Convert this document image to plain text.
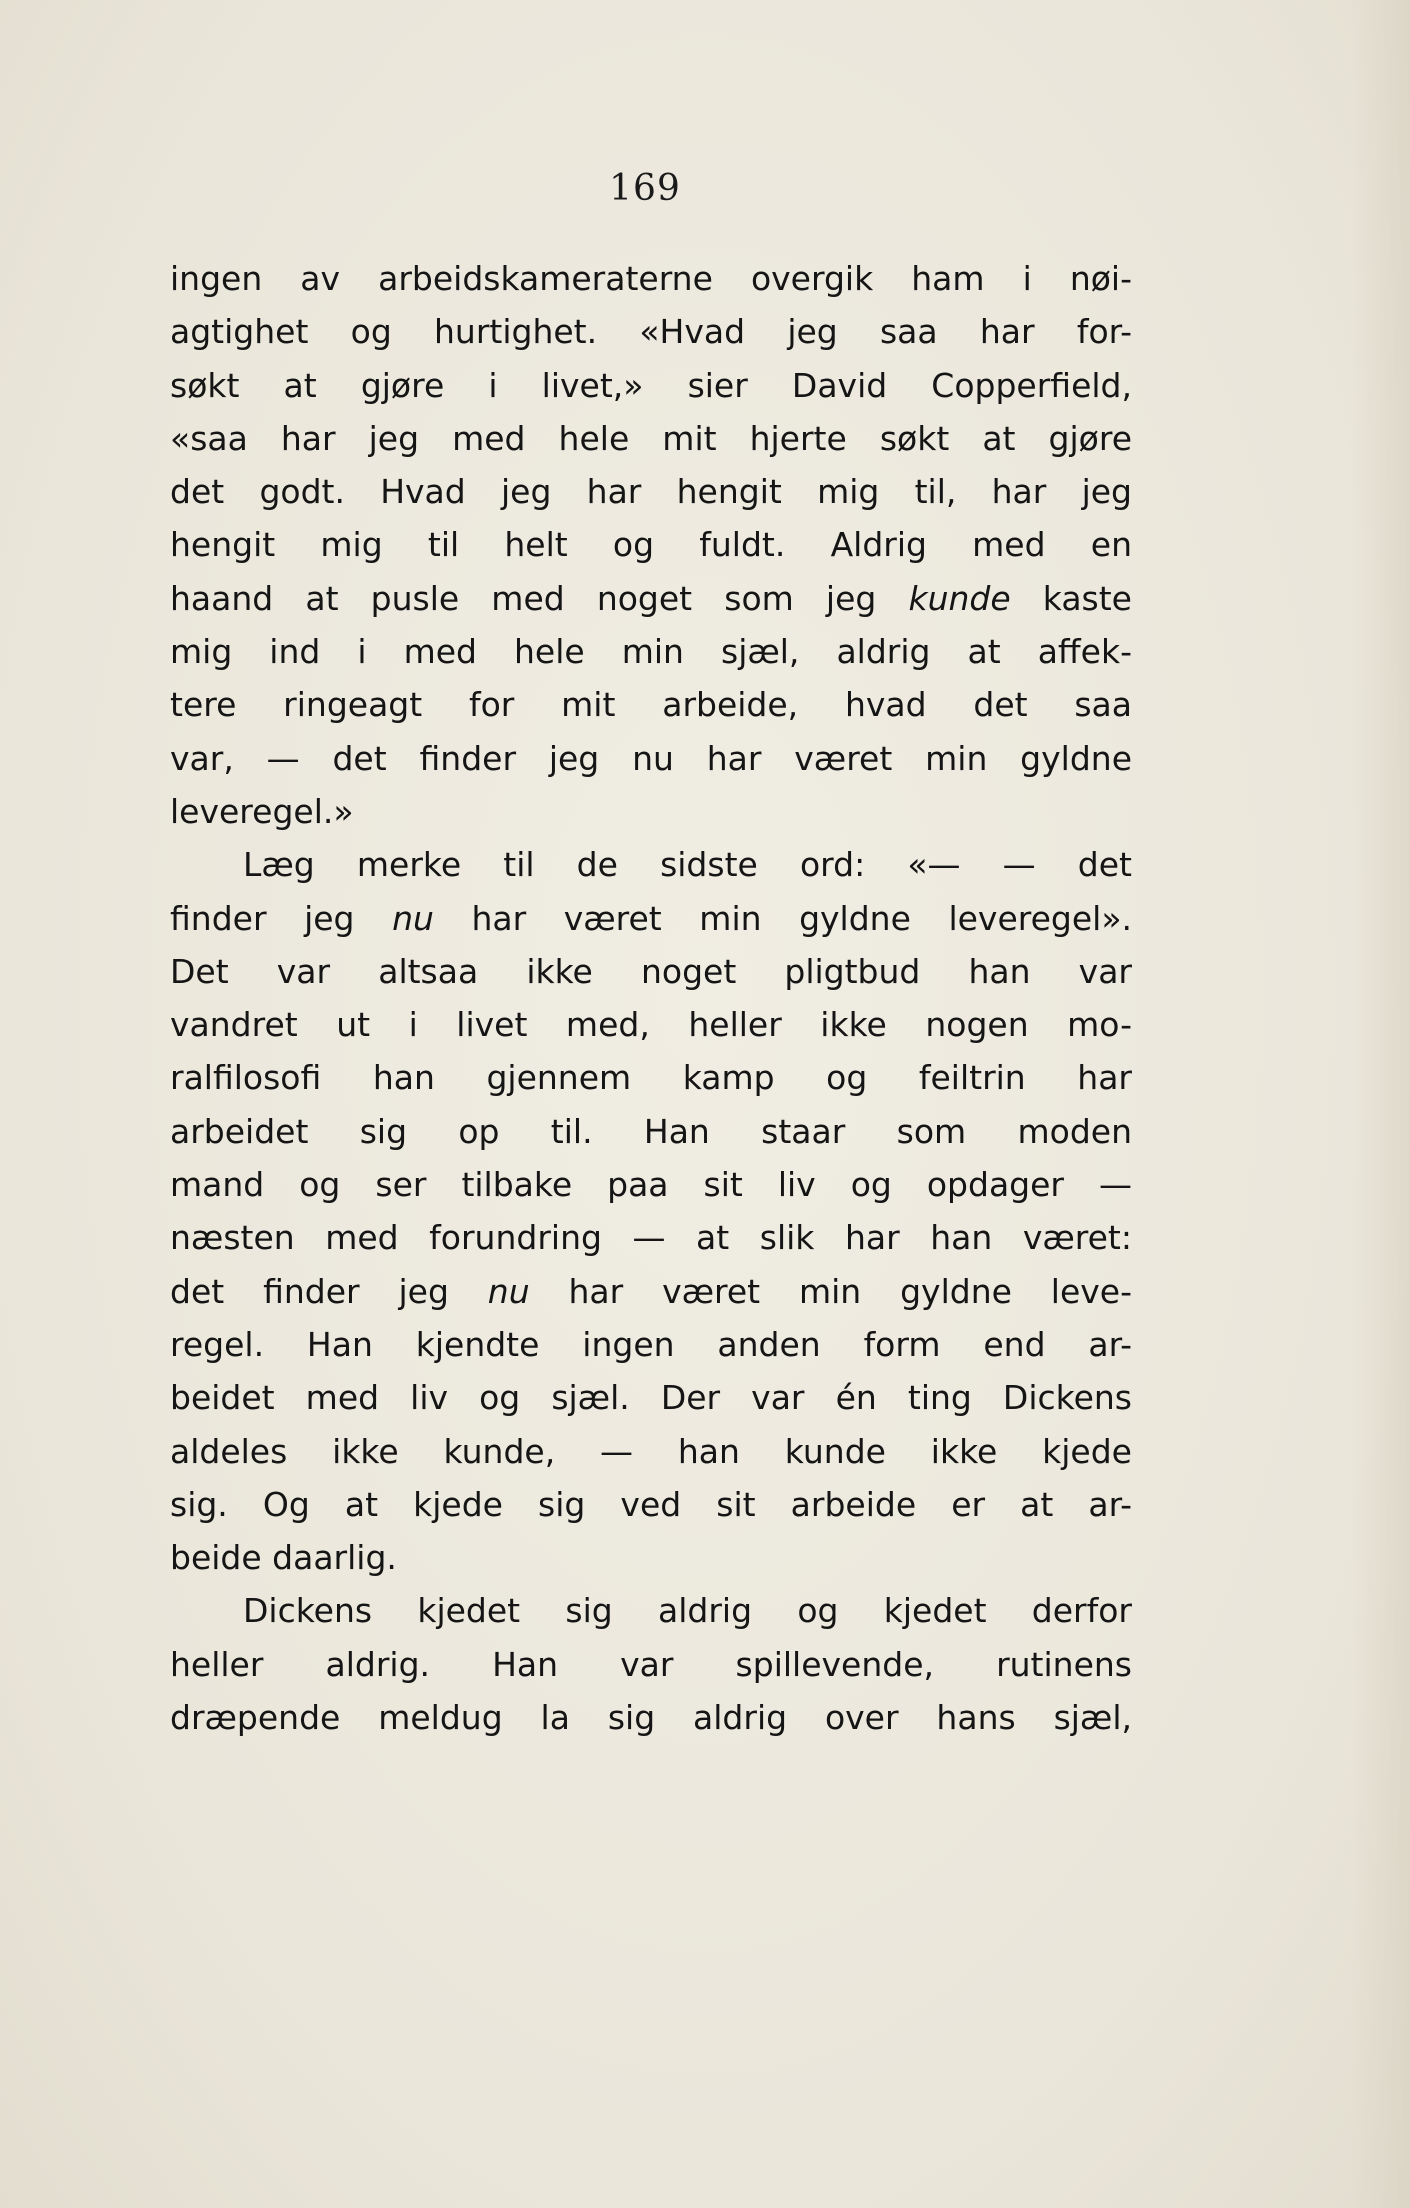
169
ingen av arbeidskameraterne overgik ham i nøi-
agtighet og hurtighet. «Hvad jeg saa har for-
søkt at gjøre i livet,» sier David Copperfield,
«saa har jeg med hele mit hjerte søkt at gjøre
det godt. Hvad jeg har hengit mig til, har jeg
hengit mig til helt og fuldt. Aldrig med en
haand at pusle med noget som jeg kunde kaste
mig ind i med hele min sjæl, aldrig at affek-
tere ringeagt for mit arbeide, hvad det saa
var, — det finder jeg nu har været min gyldne
leveregel.»
Læg merke til de sidste ord: «— — det
finder jeg nu har været min gyldne leveregel».
Det var altsaa ikke noget pligtbud han var
vandret ut i livet med, heller ikke nogen mo-
ralfilosofi han gjennem kamp og feiltrin har
arbeidet sig op til. Han staar som moden
mand og ser tilbake paa sit liv og opdager —
næsten med forundring — at slik har han været:
det finder jeg nu har været min gyldne leve-
regel. Han kjendte ingen anden form end ar-
beidet med liv og sjæl. Der var én ting Dickens
aldeles ikke kunde, — han kunde ikke kjede
sig. Og at kjede sig ved sit arbeide er at ar-
beide daarlig.
Dickens kjedet sig aldrig og kjedet derfor
heller aldrig. Han var spillevende, rutinens
dræpende meldug la sig aldrig over hans sjæl,
